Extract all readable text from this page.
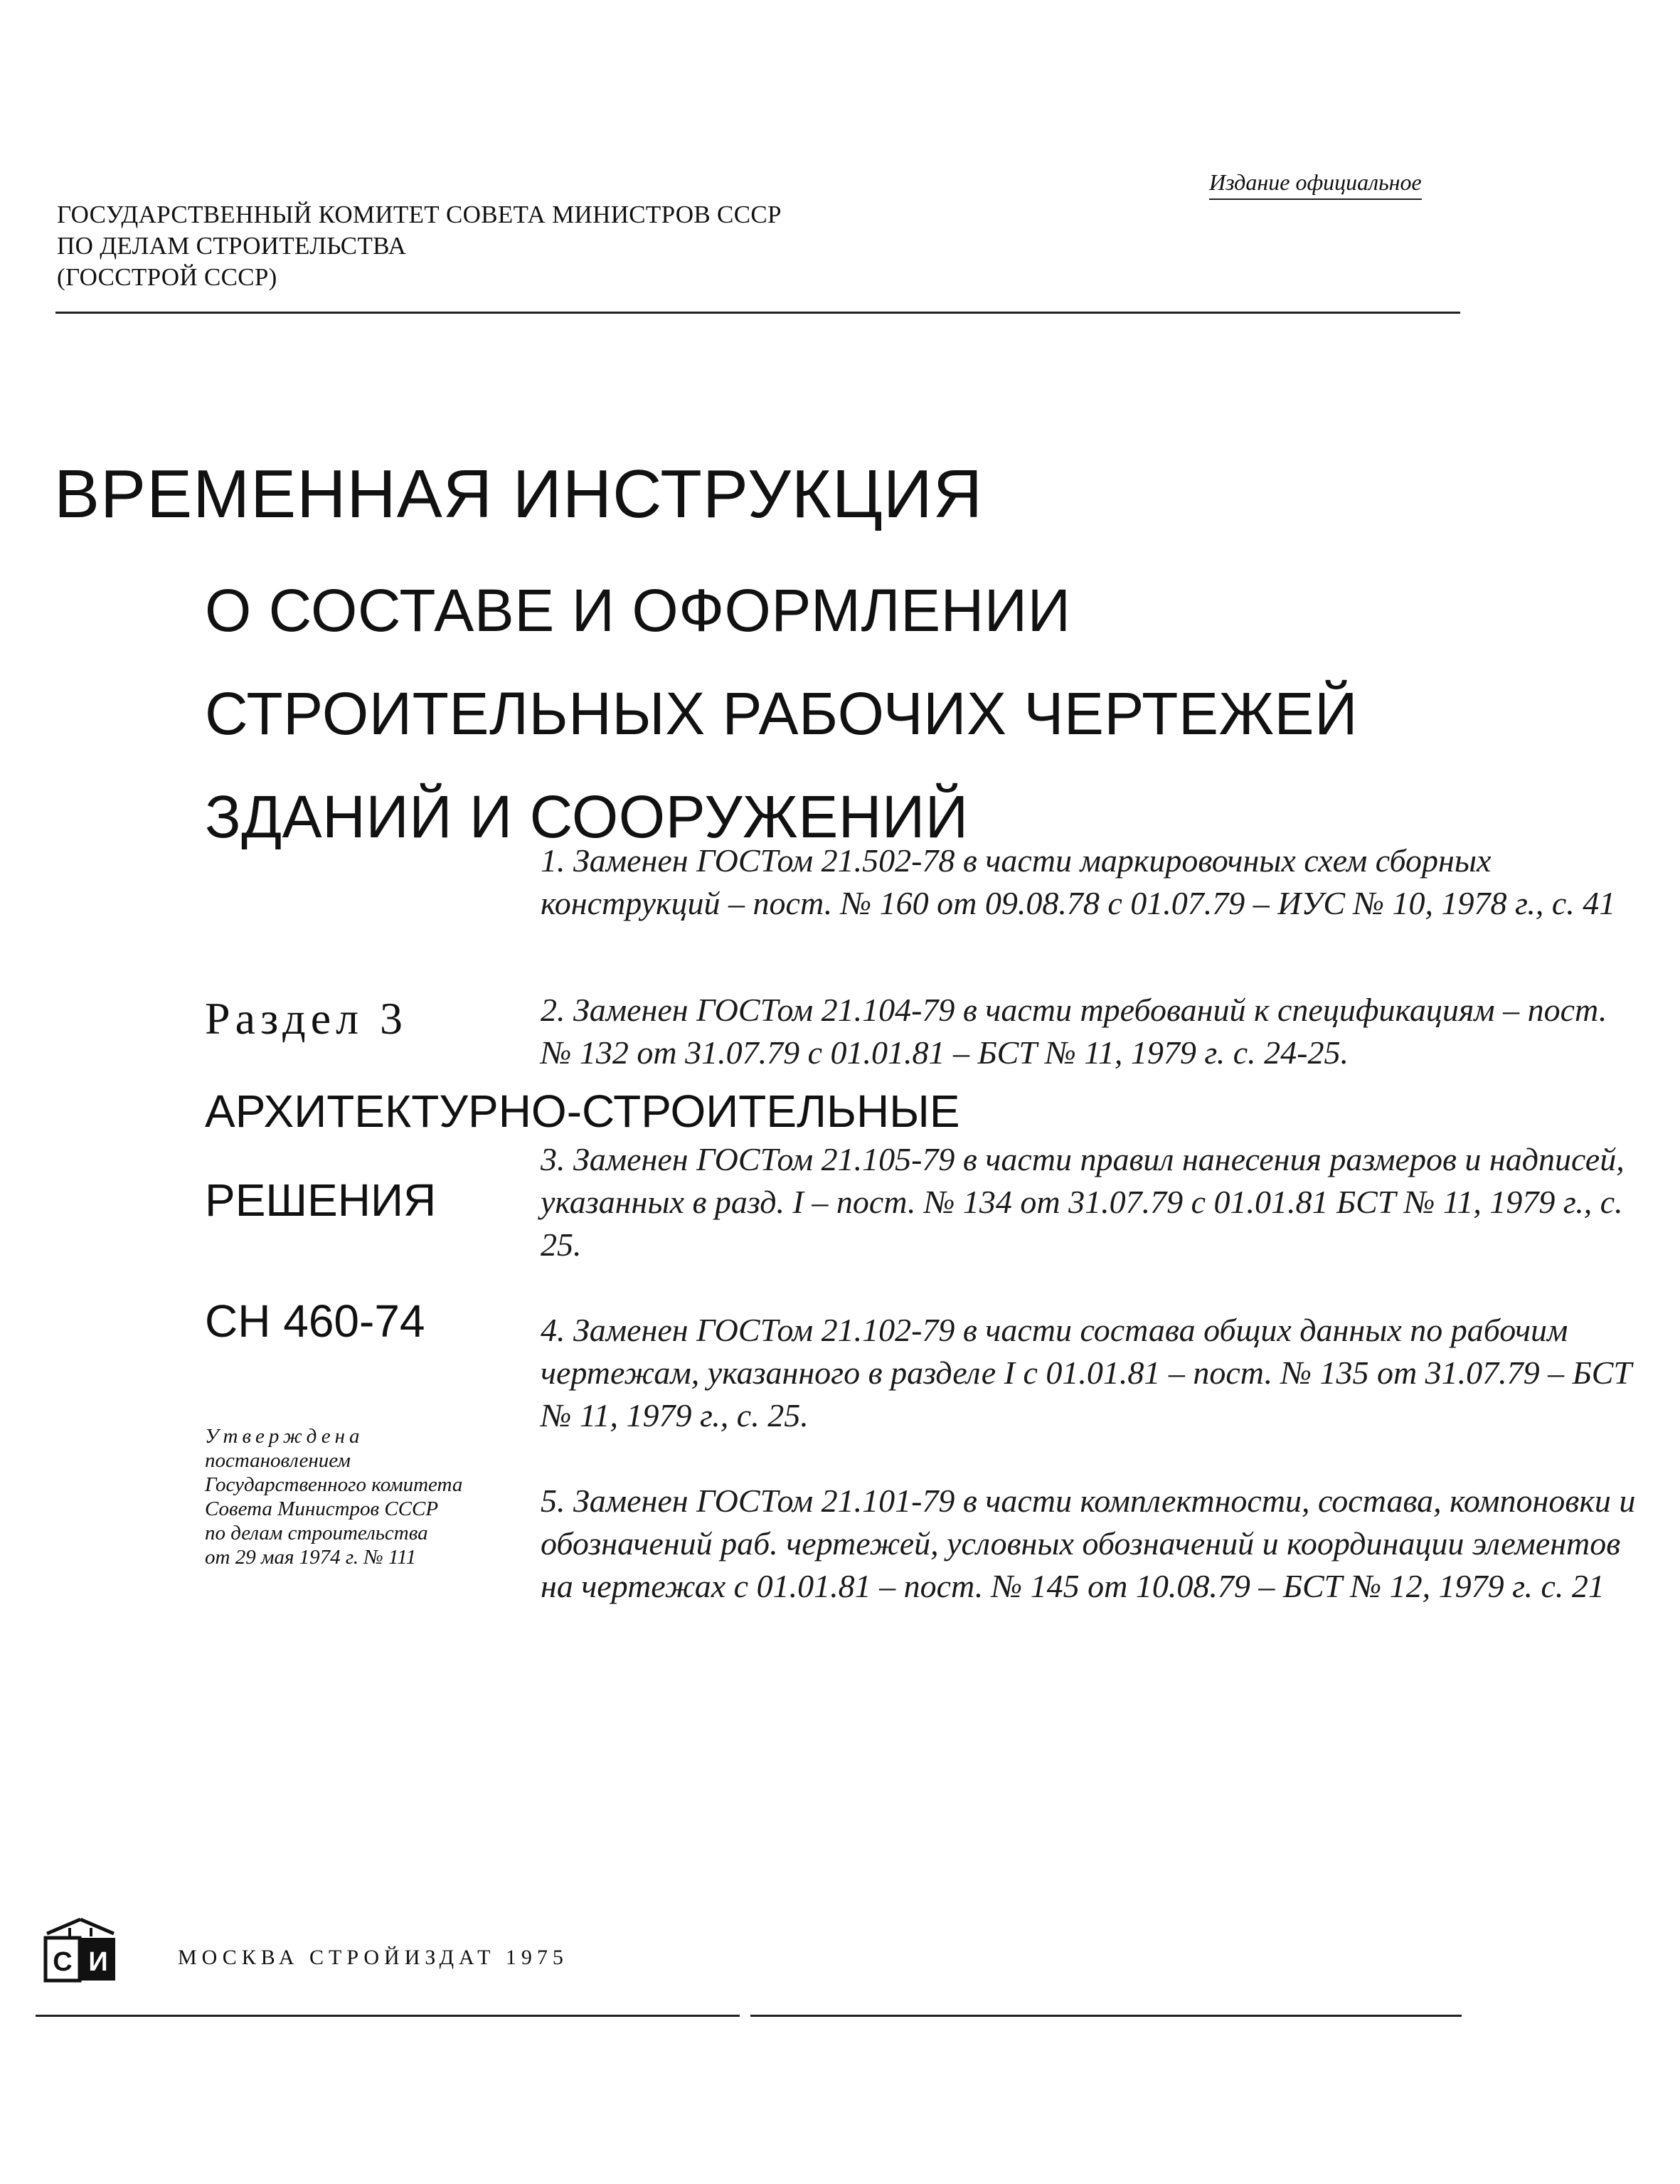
Издание официальное
ГОСУДАРСТВЕННЫЙ КОМИТЕТ СОВЕТА МИНИСТРОВ СССР
ПО ДЕЛАМ СТРОИТЕЛЬСТВА
(ГОССТРОЙ СССР)
ВРЕМЕННАЯ ИНСТРУКЦИЯ
О СОСТАВЕ И ОФОРМЛЕНИИ
СТРОИТЕЛЬНЫХ РАБОЧИХ ЧЕРТЕЖЕЙ
ЗДАНИЙ И СООРУЖЕНИЙ
Раздел 3
АРХИТЕКТУРНО-СТРОИТЕЛЬНЫЕ
РЕШЕНИЯ
СН 460-74
Утверждена
постановлением
Государственного комитета
Совета Министров СССР
по делам строительства
от 29 мая 1974 г. № 111

1. Заменен ГОСТом 21.502-78 в части маркировочных схем сборных конструкций – пост. № 160 от 09.08.78 с 01.07.79 – ИУС № 10, 1978 г., с. 41

2. Заменен ГОСТом 21.104-79 в части требований к спецификациям – пост. № 132 от 31.07.79 с 01.01.81 – БСТ № 11, 1979 г. с. 24-25.

3. Заменен ГОСТом 21.105-79 в части правил нанесения размеров и надписей, указанных в разд. I – пост. № 134 от 31.07.79 с 01.01.81 БСТ № 11, 1979 г., с. 25.

4. Заменен ГОСТом 21.102-79 в части состава общих данных по рабочим чертежам, указанного в разделе I с 01.01.81 – пост. № 135 от 31.07.79 – БСТ № 11, 1979 г., с. 25.

5. Заменен ГОСТом 21.101-79 в части комплектности, состава, компоновки и обозначений раб. чертежей, условных обозначений и координации элементов на чертежах с 01.01.81 – пост. № 145 от 10.08.79 – БСТ № 12, 1979 г. с. 21

С И	МОСКВА СТРОЙИЗДАТ 1975
